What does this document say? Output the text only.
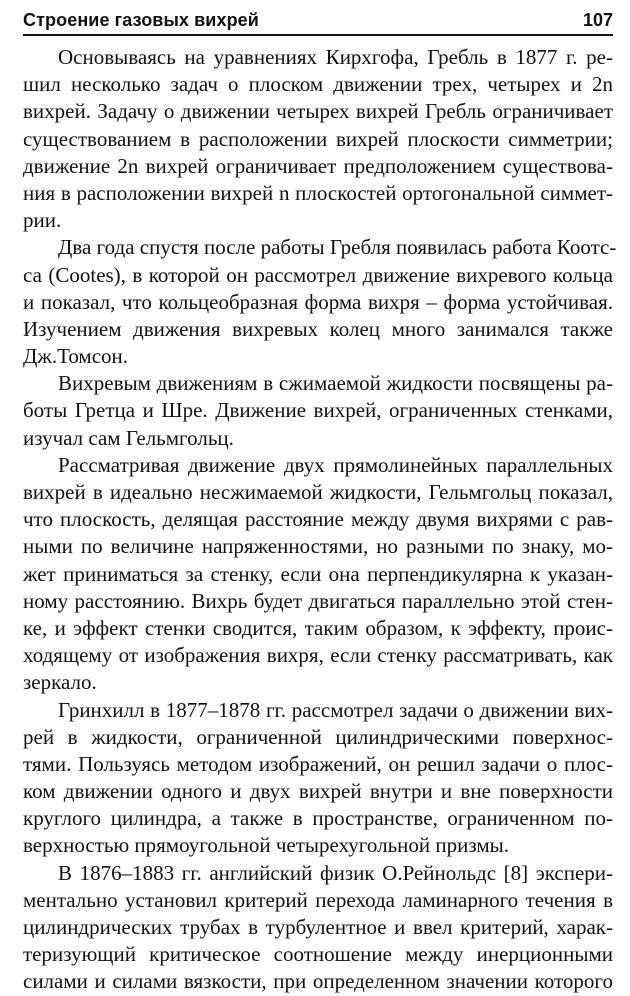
Строение газовых вихрей	107
Основываясь на уравнениях Кирхгофа, Гребль в 1877 г. ре-
шил несколько задач о плоском движении трех, четырех и 2n
вихрей. Задачу о движении четырех вихрей Гребль ограничивает
существованием в расположении вихрей плоскости симметрии;
движение 2n вихрей ограничивает предположением существова-
ния в расположении вихрей n плоскостей ортогональной симмет-
рии.
Два года спустя после работы Гребля появилась работа Коотс-
са (Cootes), в которой он рассмотрел движение вихревого кольца
и показал, что кольцеобразная форма вихря – форма устойчивая.
Изучением движения вихревых колец много занимался также
Дж.Томсон.
Вихревым движениям в сжимаемой жидкости посвящены ра-
боты Гретца и Шре. Движение вихрей, ограниченных стенками,
изучал сам Гельмгольц.
Рассматривая движение двух прямолинейных параллельных
вихрей в идеально несжимаемой жидкости, Гельмгольц показал,
что плоскость, делящая расстояние между двумя вихрями с рав-
ными по величине напряженностями, но разными по знаку, мо-
жет приниматься за стенку, если она перпендикулярна к указан-
ному расстоянию. Вихрь будет двигаться параллельно этой стен-
ке, и эффект стенки сводится, таким образом, к эффекту, проис-
ходящему от изображения вихря, если стенку рассматривать, как
зеркало.
Гринхилл в 1877–1878 гг. рассмотрел задачи о движении вих-
рей в жидкости, ограниченной цилиндрическими поверхнос-
тями. Пользуясь методом изображений, он решил задачи о плос-
ком движении одного и двух вихрей внутри и вне поверхности
круглого цилиндра, а также в пространстве, ограниченном по-
верхностью прямоугольной четырехугольной призмы.
В 1876–1883 гг. английский физик О.Рейнольдс [8] экспери-
ментально установил критерий перехода ламинарного течения в
цилиндрических трубах в турбулентное и ввел критерий, харак-
теризующий критическое соотношение между инерционными
силами и силами вязкости, при определенном значении которого
